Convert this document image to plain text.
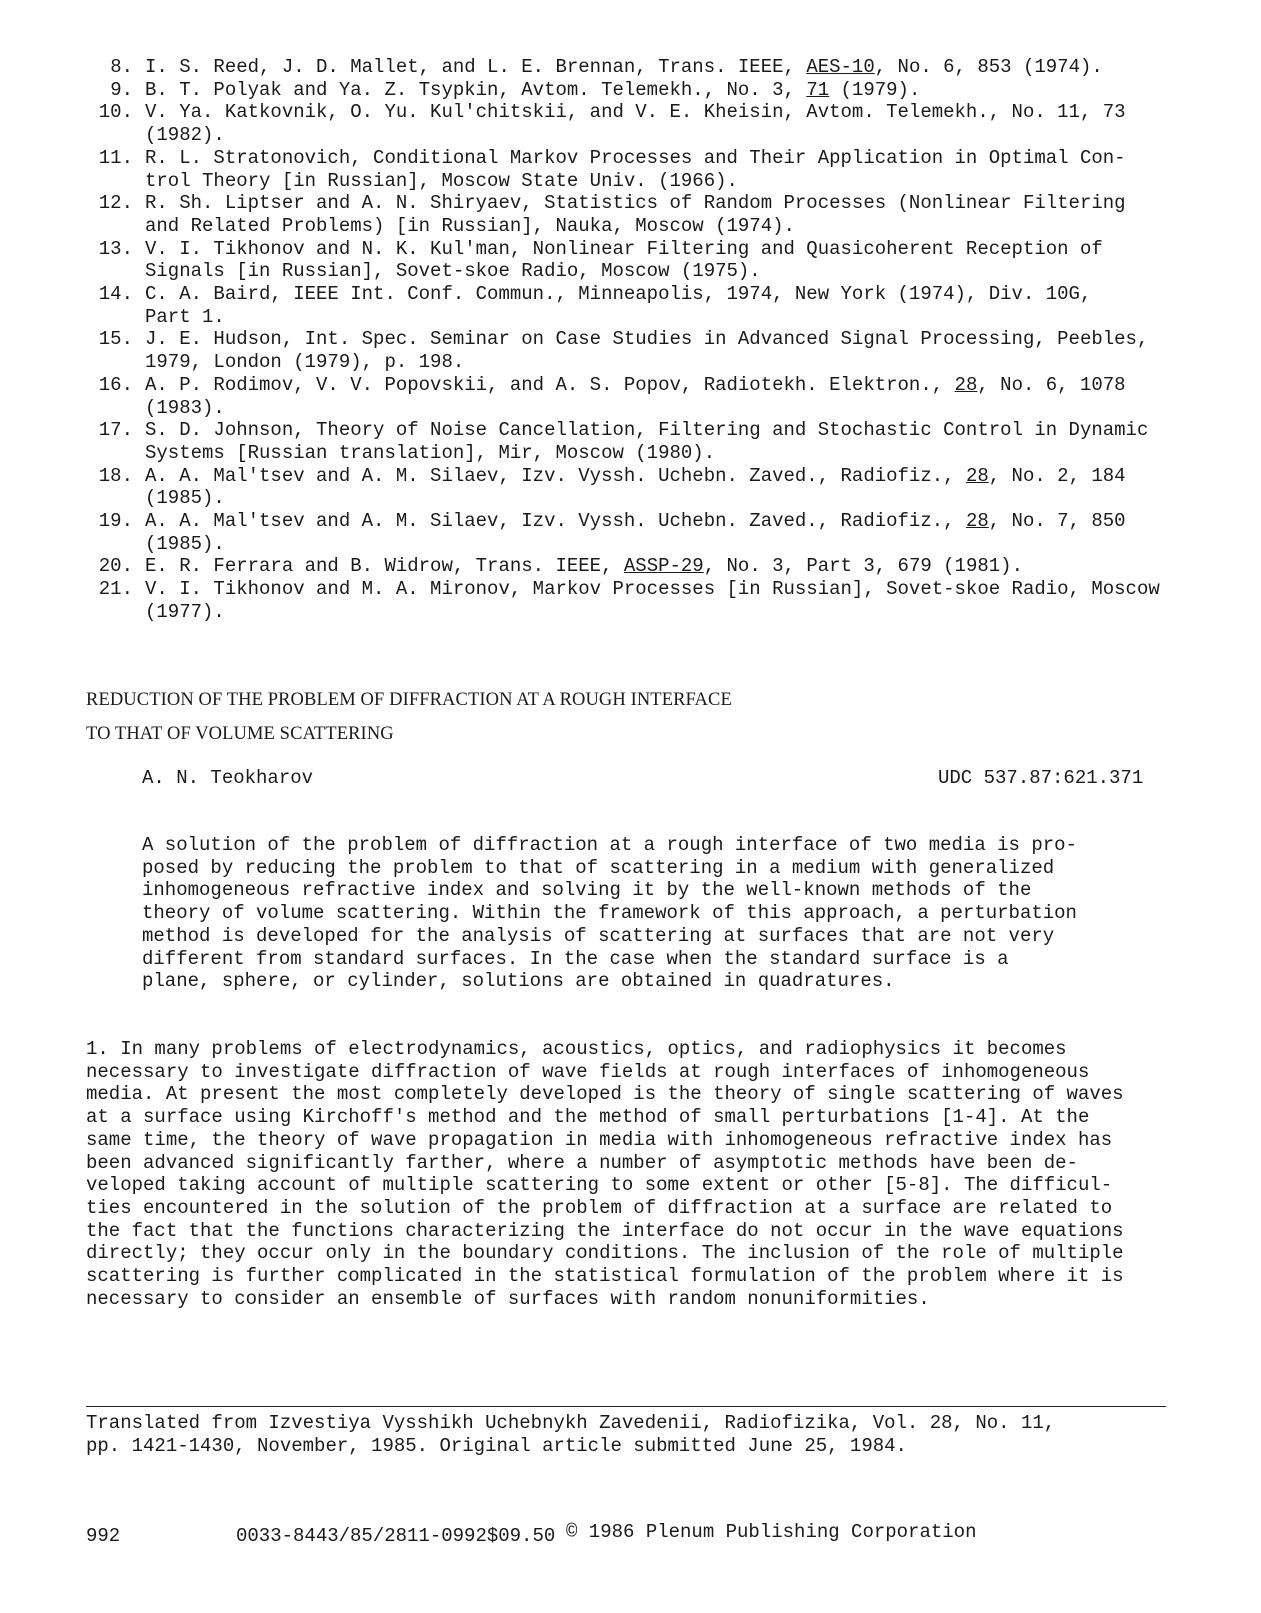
8. I. S. Reed, J. D. Mallet, and L. E. Brennan, Trans. IEEE, AES-10, No. 6, 853 (1974).
9. B. T. Polyak and Ya. Z. Tsypkin, Avtom. Telemekh., No. 3, 71 (1979).
10. V. Ya. Katkovnik, O. Yu. Kul'chitskii, and V. E. Kheisin, Avtom. Telemekh., No. 11, 73
(1982).
11. R. L. Stratonovich, Conditional Markov Processes and Their Application in Optimal Con-
trol Theory [in Russian], Moscow State Univ. (1966).
12. R. Sh. Liptser and A. N. Shiryaev, Statistics of Random Processes (Nonlinear Filtering
and Related Problems) [in Russian], Nauka, Moscow (1974).
13. V. I. Tikhonov and N. K. Kul'man, Nonlinear Filtering and Quasicoherent Reception of
Signals [in Russian], Sovet-skoe Radio, Moscow (1975).
14. C. A. Baird, IEEE Int. Conf. Commun., Minneapolis, 1974, New York (1974), Div. 10G,
Part 1.
15. J. E. Hudson, Int. Spec. Seminar on Case Studies in Advanced Signal Processing, Peebles,
1979, London (1979), p. 198.
16. A. P. Rodimov, V. V. Popovskii, and A. S. Popov, Radiotekh. Elektron., 28, No. 6, 1078
(1983).
17. S. D. Johnson, Theory of Noise Cancellation, Filtering and Stochastic Control in Dynamic
Systems [Russian translation], Mir, Moscow (1980).
18. A. A. Mal'tsev and A. M. Silaev, Izv. Vyssh. Uchebn. Zaved., Radiofiz., 28, No. 2, 184
(1985).
19. A. A. Mal'tsev and A. M. Silaev, Izv. Vyssh. Uchebn. Zaved., Radiofiz., 28, No. 7, 850
(1985).
20. E. R. Ferrara and B. Widrow, Trans. IEEE, ASSP-29, No. 3, Part 3, 679 (1981).
21. V. I. Tikhonov and M. A. Mironov, Markov Processes [in Russian], Sovet-skoe Radio, Moscow
(1977).
REDUCTION OF THE PROBLEM OF DIFFRACTION AT A ROUGH INTERFACE
TO THAT OF VOLUME SCATTERING
A. N. Teokharov	UDC 537.87:621.371
A solution of the problem of diffraction at a rough interface of two media is pro-
posed by reducing the problem to that of scattering in a medium with generalized
inhomogeneous refractive index and solving it by the well-known methods of the
theory of volume scattering. Within the framework of this approach, a perturbation
method is developed for the analysis of scattering at surfaces that are not very
different from standard surfaces. In the case when the standard surface is a
plane, sphere, or cylinder, solutions are obtained in quadratures.
1. In many problems of electrodynamics, acoustics, optics, and radiophysics it becomes
necessary to investigate diffraction of wave fields at rough interfaces of inhomogeneous
media. At present the most completely developed is the theory of single scattering of waves
at a surface using Kirchoff's method and the method of small perturbations [1-4]. At the
same time, the theory of wave propagation in media with inhomogeneous refractive index has
been advanced significantly farther, where a number of asymptotic methods have been de-
veloped taking account of multiple scattering to some extent or other [5-8]. The difficul-
ties encountered in the solution of the problem of diffraction at a surface are related to
the fact that the functions characterizing the interface do not occur in the wave equations
directly; they occur only in the boundary conditions. The inclusion of the role of multiple
scattering is further complicated in the statistical formulation of the problem where it is
necessary to consider an ensemble of surfaces with random nonuniformities.
Translated from Izvestiya Vysshikh Uchebnykh Zavedenii, Radiofizika, Vol. 28, No. 11,
pp. 1421-1430, November, 1985. Original article submitted June 25, 1984.
992	0033-8443/85/2811-0992$09.50 © 1986 Plenum Publishing Corporation
